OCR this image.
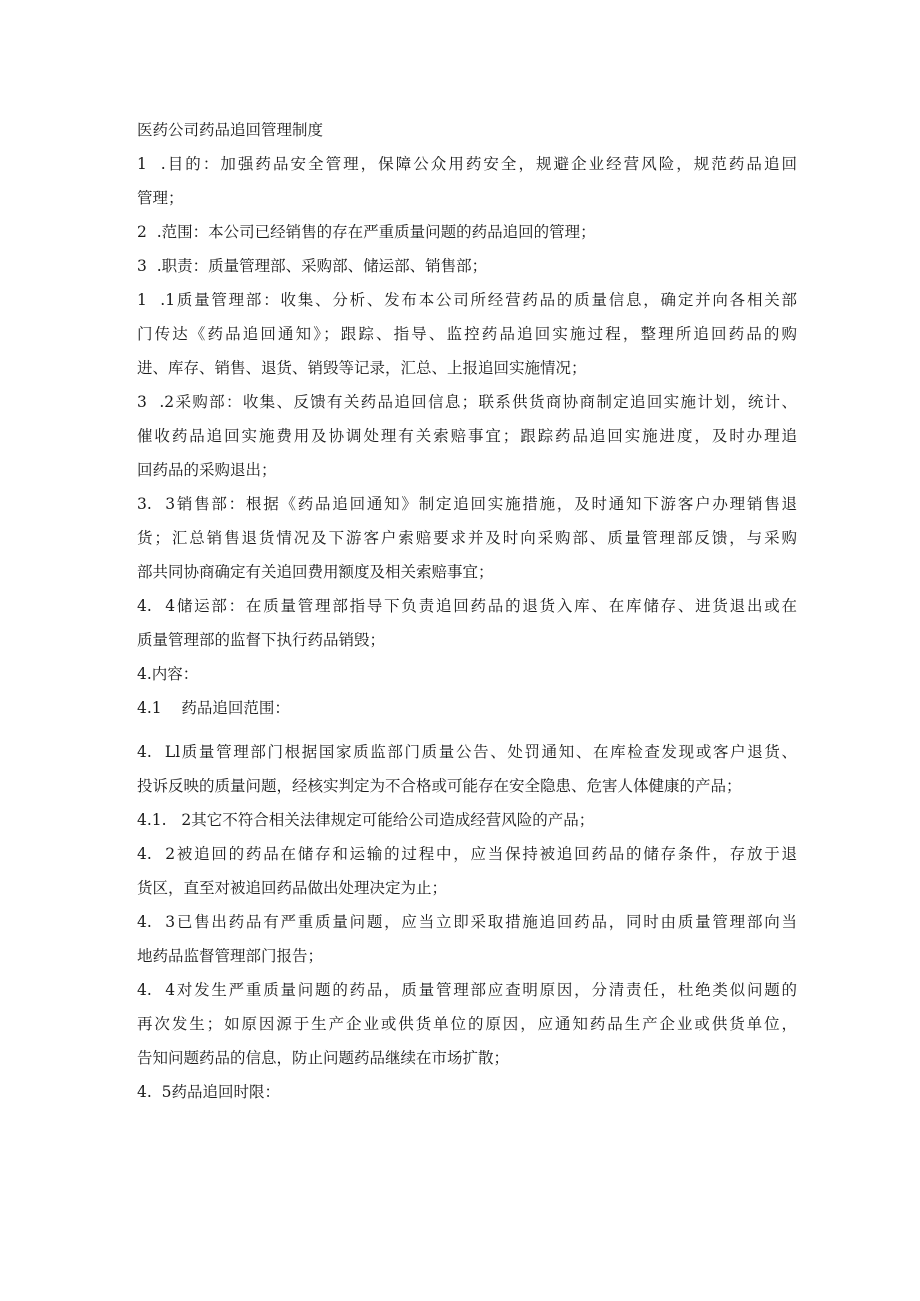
医药公司药品追回管理制度
1  .目的：加强药品安全管理，保障公众用药安全，规避企业经营风险，规范药品追回
管理；
2  .范围：本公司已经销售的存在严重质量问题的药品追回的管理；
3  .职责：质量管理部、采购部、储运部、销售部；
1  .1质量管理部：收集、分析、发布本公司所经营药品的质量信息，确定并向各相关部
门传达《药品追回通知》；跟踪、指导、监控药品追回实施过程，整理所追回药品的购
进、库存、销售、退货、销毁等记录，汇总、上报追回实施情况；
3  .2采购部：收集、反馈有关药品追回信息；联系供货商协商制定追回实施计划，统计、
催收药品追回实施费用及协调处理有关索赔事宜；跟踪药品追回实施进度，及时办理追
回药品的采购退出；
3.  3销售部：根据《药品追回通知》制定追回实施措施，及时通知下游客户办理销售退
货；汇总销售退货情况及下游客户索赔要求并及时向采购部、质量管理部反馈，与采购
部共同协商确定有关追回费用额度及相关索赔事宜；
4.  4储运部：在质量管理部指导下负责追回药品的退货入库、在库储存、进货退出或在
质量管理部的监督下执行药品销毁；
4.内容：
4.1    药品追回范围：
4.  Ll质量管理部门根据国家质监部门质量公告、处罚通知、在库检查发现或客户退货、
投诉反映的质量问题，经核实判定为不合格或可能存在安全隐患、危害人体健康的产品；
4.1.   2其它不符合相关法律规定可能给公司造成经营风险的产品；
4.  2被追回的药品在储存和运输的过程中，应当保持被追回药品的储存条件，存放于退
货区，直至对被追回药品做出处理决定为止；
4.  3已售出药品有严重质量问题，应当立即采取措施追回药品，同时由质量管理部向当
地药品监督管理部门报告；
4.  4对发生严重质量问题的药品，质量管理部应查明原因，分清责任，杜绝类似问题的
再次发生；如原因源于生产企业或供货单位的原因，应通知药品生产企业或供货单位，
告知问题药品的信息，防止问题药品继续在市场扩散；
4.  5药品追回时限：
